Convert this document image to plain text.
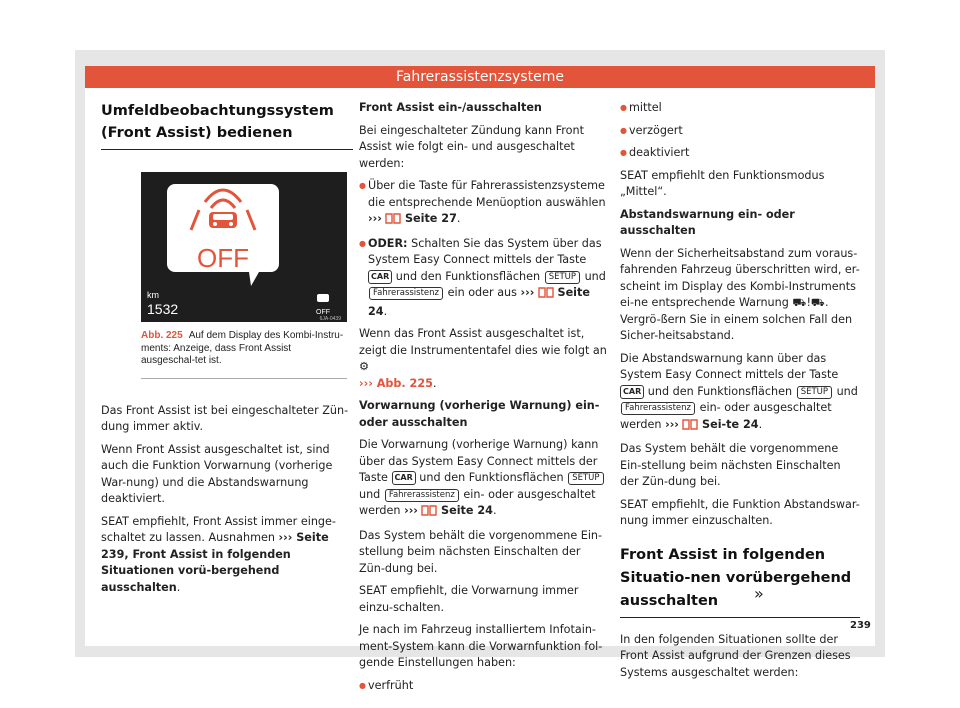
Fahrerassistenzsysteme
Umfeldbeobachtungssystem (Front Assist) bedienen
OFF
km
1532	OFF
6JA-0439
Abb. 225 Auf dem Display des Kombi-Instru-ments: Anzeige, dass Front Assist ausgeschal-tet ist.

Das Front Assist ist bei eingeschalteter Zün-dung immer aktiv.

Wenn Front Assist ausgeschaltet ist, sind auch die Funktion Vorwarnung (vorherige War-nung) und die Abstandswarnung deaktiviert.

SEAT empfiehlt, Front Assist immer einge-schaltet zu lassen. Ausnahmen ››› Seite 239, Front Assist in folgenden Situationen vorü-bergehend ausschalten.

Front Assist ein-/ausschalten

Bei eingeschalteter Zündung kann Front Assist wie folgt ein- und ausgeschaltet werden:

● Über die Taste für Fahrerassistenzsysteme die entsprechende Menüoption auswählen ››› Seite 27.
● ODER: Schalten Sie das System über das System Easy Connect mittels der Taste CAR und den Funktionsflächen SETUP und Fahrerassistenz ein oder aus ››› Seite 24.

Wenn das Front Assist ausgeschaltet ist, zeigt die Instrumententafel dies wie folgt an ⚙
››› Abb. 225.

Vorwarnung (vorherige Warnung) ein- oder ausschalten

Die Vorwarnung (vorherige Warnung) kann über das System Easy Connect mittels der Taste CAR und den Funktionsflächen SETUP und Fahrerassistenz ein- oder ausgeschaltet werden ››› Seite 24.

Das System behält die vorgenommene Ein-stellung beim nächsten Einschalten der Zün-dung bei.

SEAT empfiehlt, die Vorwarnung immer einzu-schalten.

Je nach im Fahrzeug installiertem Infotain-ment-System kann die Vorwarnfunktion fol-gende Einstellungen haben:

● verfrüht
● mittel
● verzögert
● deaktiviert

SEAT empfiehlt den Funktionsmodus „Mittel“.

Abstandswarnung ein- oder ausschalten

Wenn der Sicherheitsabstand zum voraus-fahrenden Fahrzeug überschritten wird, er-scheint im Display des Kombi-Instruments ei-ne entsprechende Warnung ⛟!⛟. Vergrö-ßern Sie in einem solchen Fall den Sicher-heitsabstand.

Die Abstandswarnung kann über das System Easy Connect mittels der Taste CAR und den Funktionsflächen SETUP und Fahrerassistenz ein- oder ausgeschaltet werden ››› Sei-te 24.

Das System behält die vorgenommene Ein-stellung beim nächsten Einschalten der Zün-dung bei.

SEAT empfiehlt, die Funktion Abstandswar-nung immer einzuschalten.

Front Assist in folgenden Situatio-nen vorübergehend ausschalten

In den folgenden Situationen sollte der Front Assist aufgrund der Grenzen dieses Systems ausgeschaltet werden:

»
239
